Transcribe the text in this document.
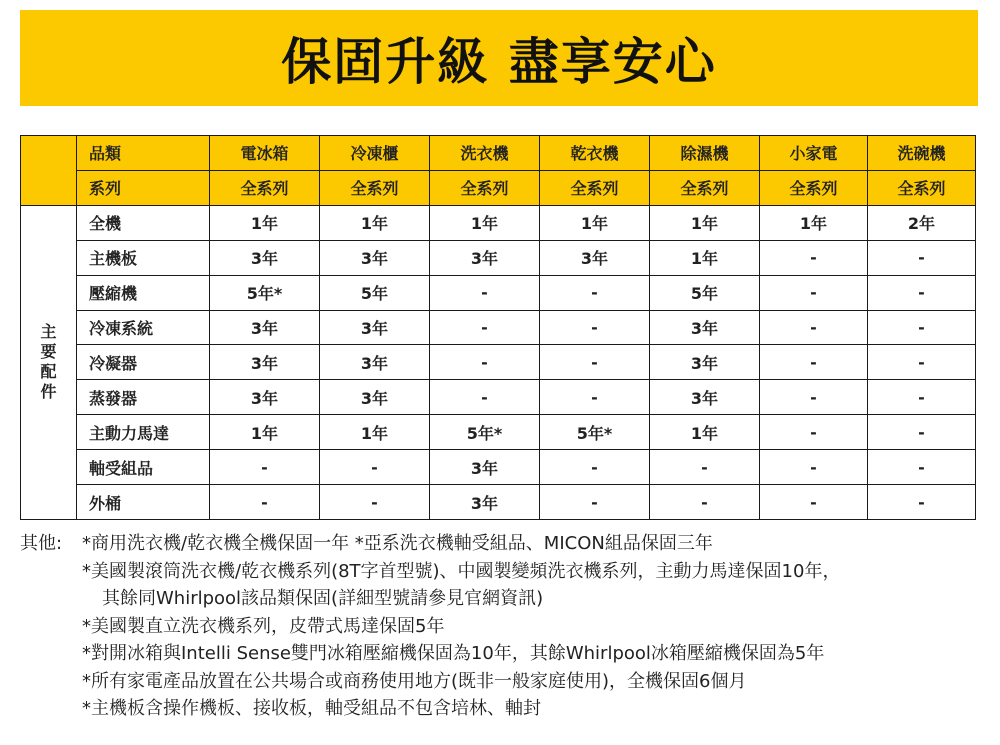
保固升級 盡享安心
	品類	電冰箱	冷凍櫃	洗衣機	乾衣機	除濕機	小家電	洗碗機
	系列	全系列	全系列	全系列	全系列	全系列	全系列	全系列
主要配件	全機	1年	1年	1年	1年	1年	1年	2年
	主機板	3年	3年	3年	3年	1年	-	-
	壓縮機	5年*	5年	-	-	5年	-	-
	冷凍系統	3年	3年	-	-	3年	-	-
	冷凝器	3年	3年	-	-	3年	-	-
	蒸發器	3年	3年	-	-	3年	-	-
	主動力馬達	1年	1年	5年*	5年*	1年	-	-
	軸受組品	-	-	3年	-	-	-	-
	外桶	-	-	3年	-	-	-	-
其他:	*商用洗衣機/乾衣機全機保固一年 *亞系洗衣機軸受組品、MICON組品保固三年
*美國製滾筒洗衣機/乾衣機系列(8T字首型號)、中國製變頻洗衣機系列，主動力馬達保固10年，
其餘同Whirlpool該品類保固(詳細型號請參見官網資訊)
*美國製直立洗衣機系列，皮帶式馬達保固5年
*對開冰箱與Intelli Sense雙門冰箱壓縮機保固為10年，其餘Whirlpool冰箱壓縮機保固為5年
*所有家電產品放置在公共場合或商務使用地方(既非一般家庭使用)，全機保固6個月
*主機板含操作機板、接收板，軸受組品不包含培林、軸封
